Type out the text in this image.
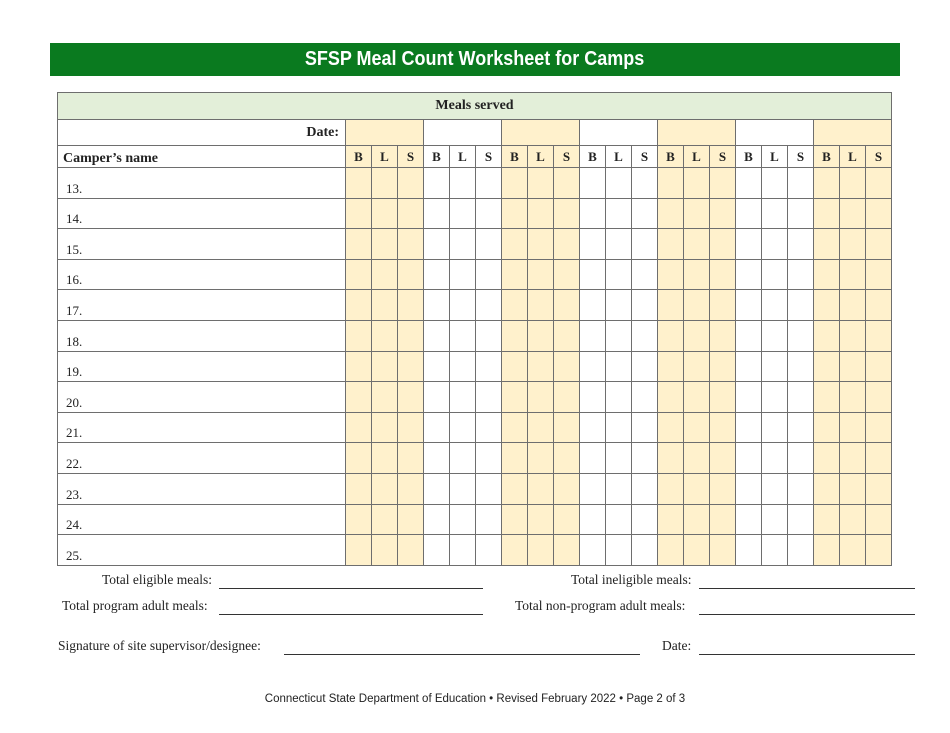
SFSP Meal Count Worksheet for Camps
Meals served																					
Date:																					
Camper’s name	B	L	S	B	L	S	B	L	S	B	L	S	B	L	S	B	L	S	B	L	S
13.																					
14.																					
15.																					
16.																					
17.																					
18.																					
19.																					
20.																					
21.																					
22.																					
23.																					
24.																					
25.																					
Total eligible meals:	Total ineligible meals:
Total program adult meals:	Total non-program adult meals:
Signature of site supervisor/designee:	Date:
Connecticut State Department of Education • Revised February 2022 • Page 2 of 3
